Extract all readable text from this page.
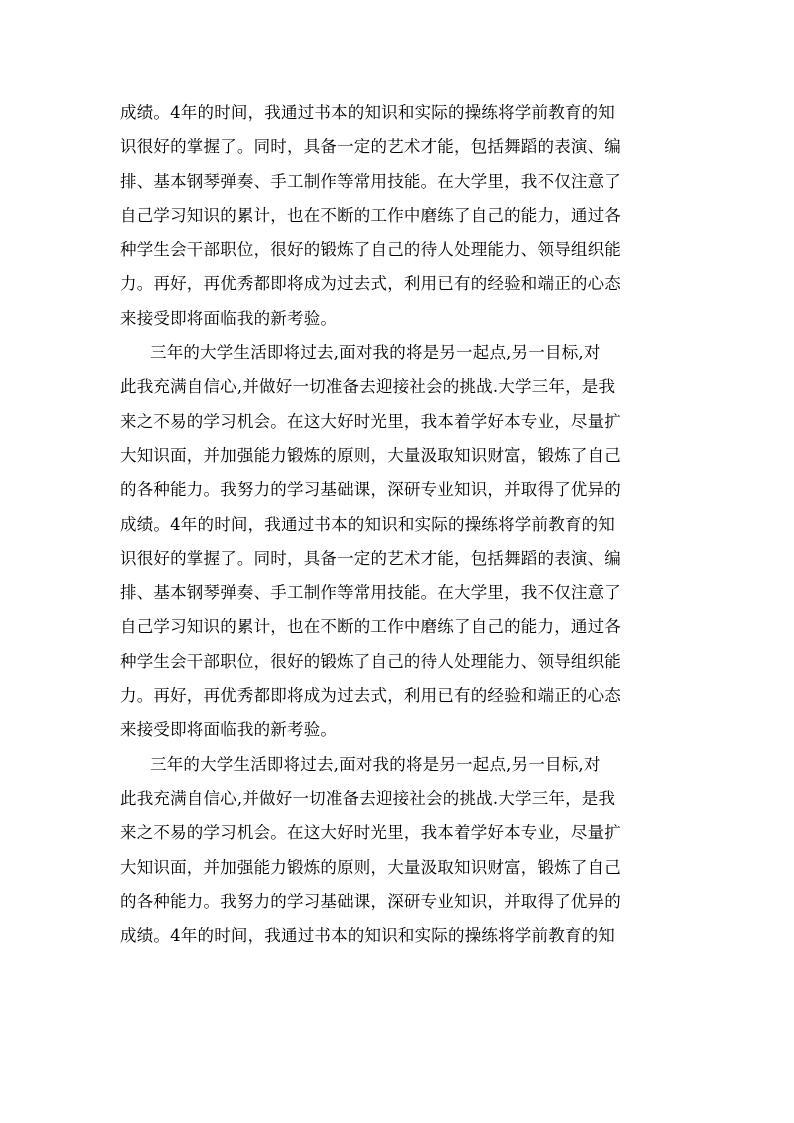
成绩。4年的时间，我通过书本的知识和实际的操练将学前教育的知
识很好的掌握了。同时，具备一定的艺术才能，包括舞蹈的表演、编
排、基本钢琴弹奏、手工制作等常用技能。在大学里，我不仅注意了
自己学习知识的累计，也在不断的工作中磨练了自己的能力，通过各
种学生会干部职位，很好的锻炼了自己的待人处理能力、领导组织能
力。再好，再优秀都即将成为过去式，利用已有的经验和端正的心态
来接受即将面临我的新考验。
三年的大学生活即将过去,面对我的将是另一起点,另一目标,对
此我充满自信心,并做好一切准备去迎接社会的挑战.大学三年，是我
来之不易的学习机会。在这大好时光里，我本着学好本专业，尽量扩
大知识面，并加强能力锻炼的原则，大量汲取知识财富，锻炼了自己
的各种能力。我努力的学习基础课，深研专业知识，并取得了优异的
成绩。4年的时间，我通过书本的知识和实际的操练将学前教育的知
识很好的掌握了。同时，具备一定的艺术才能，包括舞蹈的表演、编
排、基本钢琴弹奏、手工制作等常用技能。在大学里，我不仅注意了
自己学习知识的累计，也在不断的工作中磨练了自己的能力，通过各
种学生会干部职位，很好的锻炼了自己的待人处理能力、领导组织能
力。再好，再优秀都即将成为过去式，利用已有的经验和端正的心态
来接受即将面临我的新考验。
三年的大学生活即将过去,面对我的将是另一起点,另一目标,对
此我充满自信心,并做好一切准备去迎接社会的挑战.大学三年，是我
来之不易的学习机会。在这大好时光里，我本着学好本专业，尽量扩
大知识面，并加强能力锻炼的原则，大量汲取知识财富，锻炼了自己
的各种能力。我努力的学习基础课，深研专业知识，并取得了优异的
成绩。4年的时间，我通过书本的知识和实际的操练将学前教育的知
